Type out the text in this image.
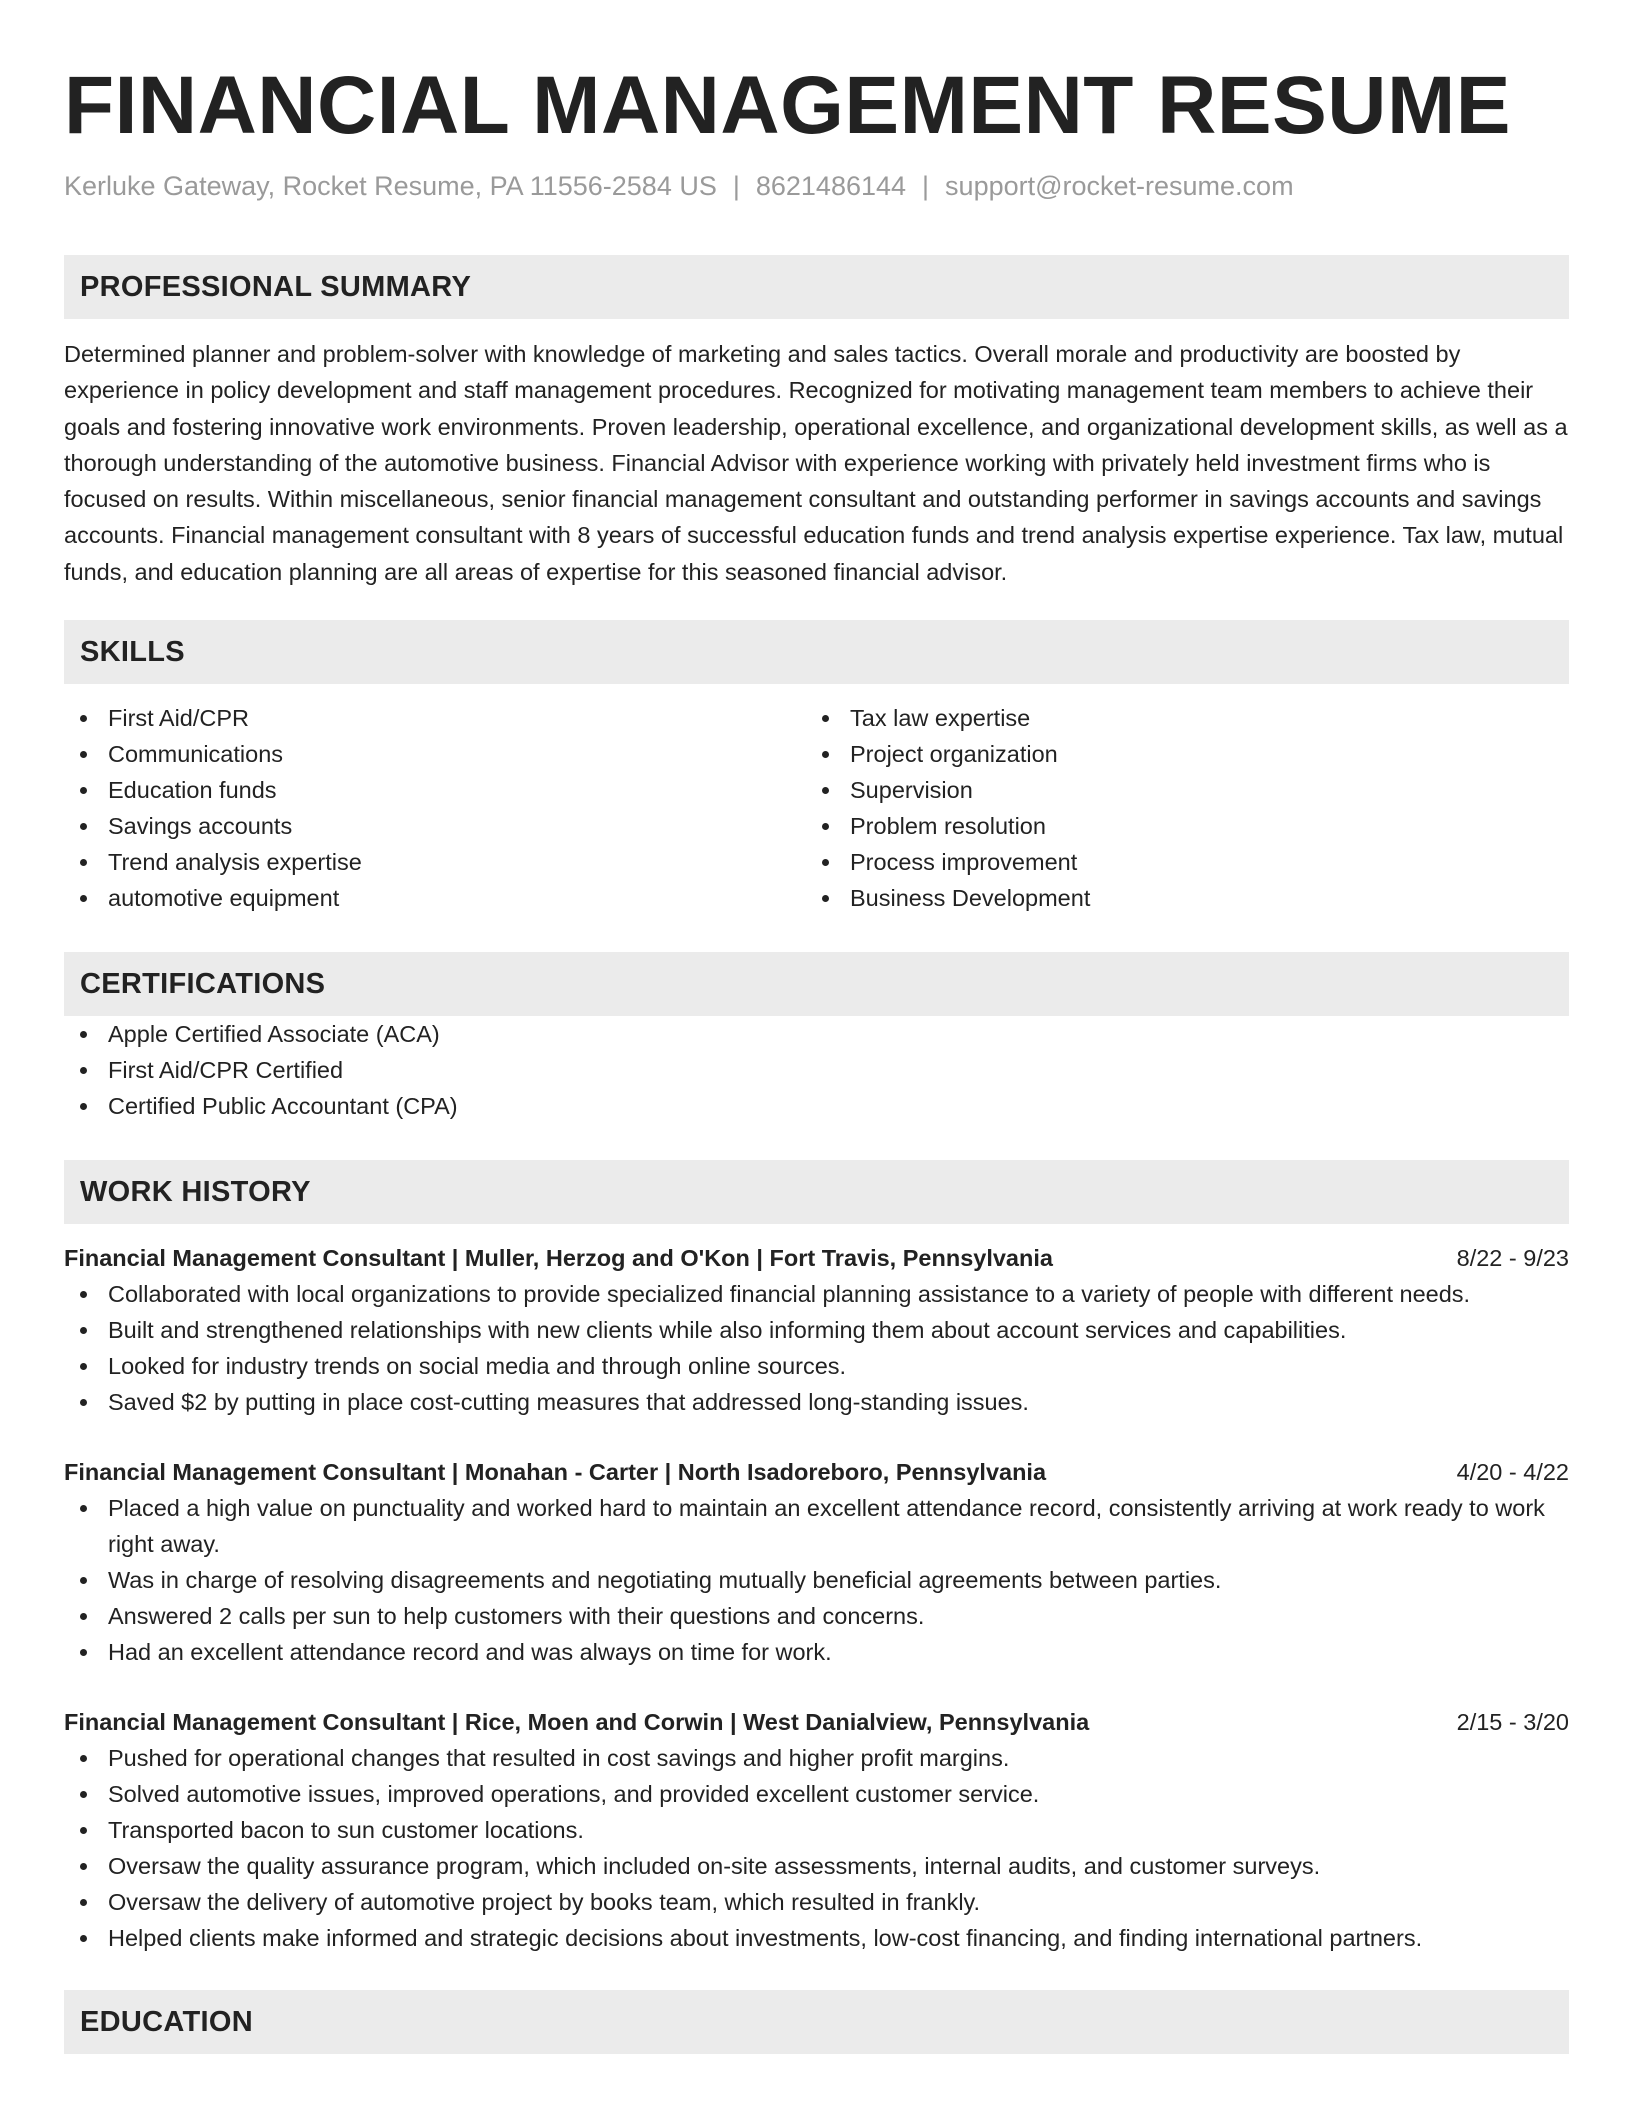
FINANCIAL MANAGEMENT RESUME
Kerluke Gateway, Rocket Resume, PA 11556-2584 US | 8621486144 | support@rocket-resume.com
PROFESSIONAL SUMMARY

Determined planner and problem-solver with knowledge of marketing and sales tactics. Overall morale and productivity are boosted by experience in policy development and staff management procedures. Recognized for motivating management team members to achieve their goals and fostering innovative work environments. Proven leadership, operational excellence, and organizational development skills, as well as a thorough understanding of the automotive business. Financial Advisor with experience working with privately held investment firms who is focused on results. Within miscellaneous, senior financial management consultant and outstanding performer in savings accounts and savings accounts. Financial management consultant with 8 years of successful education funds and trend analysis expertise experience. Tax law, mutual funds, and education planning are all areas of expertise for this seasoned financial advisor.

SKILLS
First Aid/CPR
Communications
Education funds
Savings accounts
Trend analysis expertise
automotive equipment
Tax law expertise
Project organization
Supervision
Problem resolution
Process improvement
Business Development
CERTIFICATIONS
Apple Certified Associate (ACA)
First Aid/CPR Certified
Certified Public Accountant (CPA)
WORK HISTORY
Financial Management Consultant | Muller, Herzog and O'Kon | Fort Travis, Pennsylvania	8/22 - 9/23
Collaborated with local organizations to provide specialized financial planning assistance to a variety of people with different needs.
Built and strengthened relationships with new clients while also informing them about account services and capabilities.
Looked for industry trends on social media and through online sources.
Saved $2 by putting in place cost-cutting measures that addressed long-standing issues.
Financial Management Consultant | Monahan - Carter | North Isadoreboro, Pennsylvania	4/20 - 4/22
Placed a high value on punctuality and worked hard to maintain an excellent attendance record, consistently arriving at work ready to work right away.
Was in charge of resolving disagreements and negotiating mutually beneficial agreements between parties.
Answered 2 calls per sun to help customers with their questions and concerns.
Had an excellent attendance record and was always on time for work.
Financial Management Consultant | Rice, Moen and Corwin | West Danialview, Pennsylvania	2/15 - 3/20
Pushed for operational changes that resulted in cost savings and higher profit margins.
Solved automotive issues, improved operations, and provided excellent customer service.
Transported bacon to sun customer locations.
Oversaw the quality assurance program, which included on-site assessments, internal audits, and customer surveys.
Oversaw the delivery of automotive project by books team, which resulted in frankly.
Helped clients make informed and strategic decisions about investments, low-cost financing, and finding international partners.
EDUCATION
